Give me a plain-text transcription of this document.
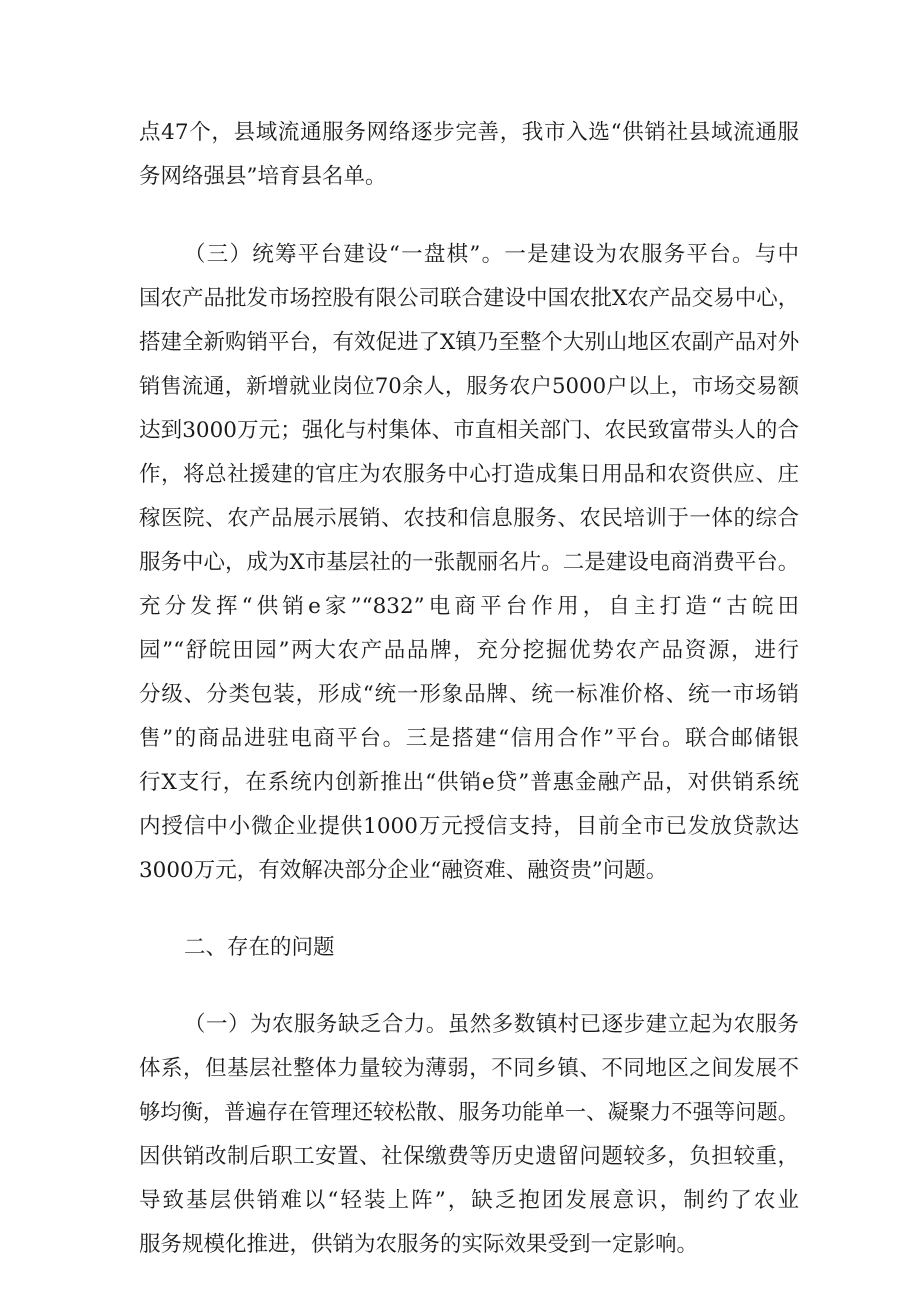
点47个，县域流通服务网络逐步完善，我市入选“供销社县域流通服
务网络强县”培育县名单。
（三）统筹平台建设“一盘棋”。一是建设为农服务平台。与中
国农产品批发市场控股有限公司联合建设中国农批X农产品交易中心，
搭建全新购销平台，有效促进了X镇乃至整个大别山地区农副产品对外
销售流通，新增就业岗位70余人，服务农户5000户以上，市场交易额
达到3000万元；强化与村集体、市直相关部门、农民致富带头人的合
作，将总社援建的官庄为农服务中心打造成集日用品和农资供应、庄
稼医院、农产品展示展销、农技和信息服务、农民培训于一体的综合
服务中心，成为X市基层社的一张靓丽名片。二是建设电商消费平台。
充分发挥“供销e家”“832”电商平台作用，自主打造“古皖田
园”“舒皖田园”两大农产品品牌，充分挖掘优势农产品资源，进行
分级、分类包装，形成“统一形象品牌、统一标准价格、统一市场销
售”的商品进驻电商平台。三是搭建“信用合作”平台。联合邮储银
行X支行，在系统内创新推出“供销e贷”普惠金融产品，对供销系统
内授信中小微企业提供1000万元授信支持，目前全市已发放贷款达
3000万元，有效解决部分企业“融资难、融资贵”问题。
二、存在的问题
（一）为农服务缺乏合力。虽然多数镇村已逐步建立起为农服务
体系，但基层社整体力量较为薄弱，不同乡镇、不同地区之间发展不
够均衡，普遍存在管理还较松散、服务功能单一、凝聚力不强等问题。
因供销改制后职工安置、社保缴费等历史遗留问题较多，负担较重，
导致基层供销难以“轻装上阵”，缺乏抱团发展意识，制约了农业
服务规模化推进，供销为农服务的实际效果受到一定影响。
